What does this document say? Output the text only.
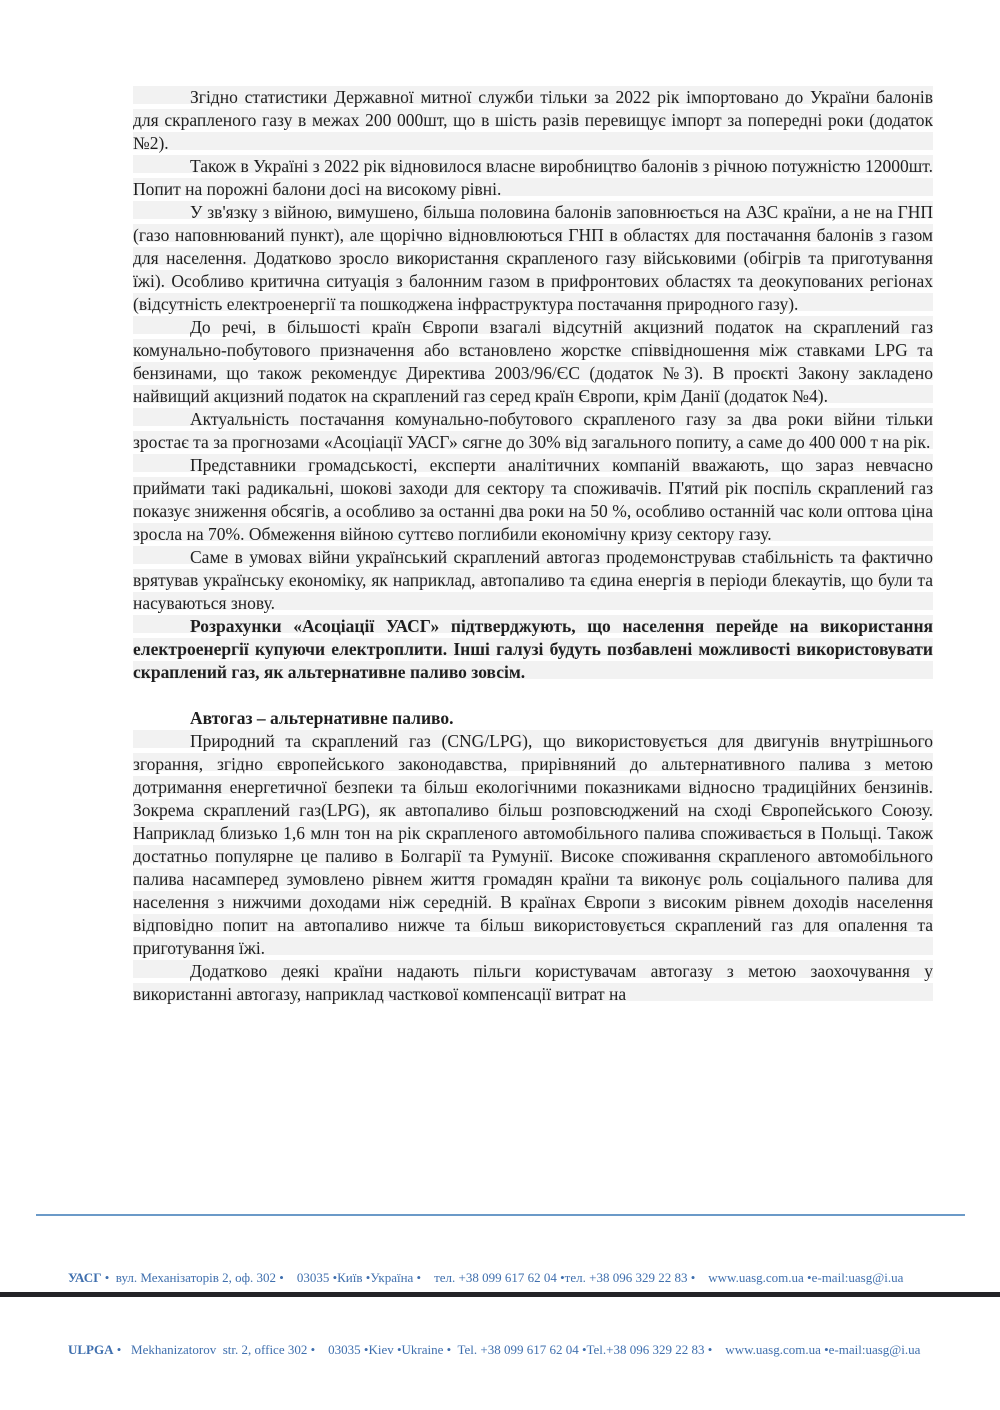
Згідно статистики Державної митної служби тільки за 2022 рік імпортовано до України балонів для скрапленого газу в межах 200 000шт, що в шість разів перевищує імпорт за попередні роки (додаток №2).

Також в Україні з 2022 рік відновилося власне виробництво балонів з річною потужністю 12000шт. Попит на порожні балони досі на високому рівні.

У зв'язку з війною, вимушено, більша половина балонів заповнюється на АЗС країни, а не на ГНП (газо наповнюваний пункт), але щорічно відновлюються ГНП в областях для постачання балонів з газом для населення. Додатково зросло використання скрапленого газу військовими (обігрів та приготування їжі). Особливо критична ситуація з балонним газом в прифронтових областях та деокупованих регіонах (відсутність електроенергії та пошкоджена інфраструктура постачання природного газу).

До речі, в більшості країн Європи взагалі відсутній акцизний податок на скраплений газ комунально-побутового призначення або встановлено жорстке співвідношення між ставками LPG та бензинами, що також рекомендує Директива 2003/96/ЄС (додаток №3). В проєкті Закону закладено найвищий акцизний податок на скраплений газ серед країн Європи, крім Данії (додаток №4).

Актуальність постачання комунально-побутового скрапленого газу за два роки війни тільки зростає та за прогнозами «Асоціації УАСГ» сягне до 30% від загального попиту, а саме до 400 000 т на рік.

Представники громадськості, експерти аналітичних компаній вважають, що зараз невчасно приймати такі радикальні, шокові заходи для сектору та споживачів. П'ятий рік поспіль скраплений газ показує зниження обсягів, а особливо за останні два роки на 50 %, особливо останній час коли оптова ціна зросла на 70%. Обмеження війною суттєво поглибили економічну кризу сектору газу.

Саме в умовах війни український скраплений автогаз продемонстрував стабільність та фактично врятував українську економіку, як наприклад, автопаливо та єдина енергія в періоди блекаутів, що були та насуваються знову.

Розрахунки «Асоціації УАСГ» підтверджують, що населення перейде на використання електроенергії купуючи електроплити. Інші галузі будуть позбавлені можливості використовувати скраплений газ, як альтернативне паливо зовсім.

Автогаз – альтернативне паливо.

Природний та скраплений газ (CNG/LPG), що використовується для двигунів внутрішнього згорання, згідно європейського законодавства, прирівняний до альтернативного палива з метою дотримання енергетичної безпеки та більш екологічними показниками відносно традиційних бензинів. Зокрема скраплений газ(LPG), як автопаливо більш розповсюджений на сході Європейського Союзу. Наприклад близько 1,6 млн тон на рік скрапленого автомобільного палива споживається в Польщі. Також достатньо популярне це паливо в Болгарії та Румунії. Високе споживання скрапленого автомобільного палива насамперед зумовлено рівнем життя громадян країни та виконує роль соціального палива для населення з нижчими доходами ніж середній. В країнах Європи з високим рівнем доходів населення відповідно попит на автопаливо нижче та більш використовується скраплений газ для опалення та приготування їжі.

Додатково деякі країни надають пільги користувачам автогазу з метою заохочування у використанні автогазу, наприклад часткової компенсації витрат на

УАСГ •  вул. Механізаторів 2, оф. 302 •    03035 •Київ •Україна •    тел. +38 099 617 62 04 •тел. +38 096 329 22 83 •    www.uasg.com.ua •e-mail:uasg@i.ua

ULPGA •   Mekhanizatorov  str. 2, office 302 •    03035 •Kiev •Ukraine •  Tel. +38 099 617 62 04 •Tel.+38 096 329 22 83 •    www.uasg.com.ua •e-mail:uasg@i.ua
